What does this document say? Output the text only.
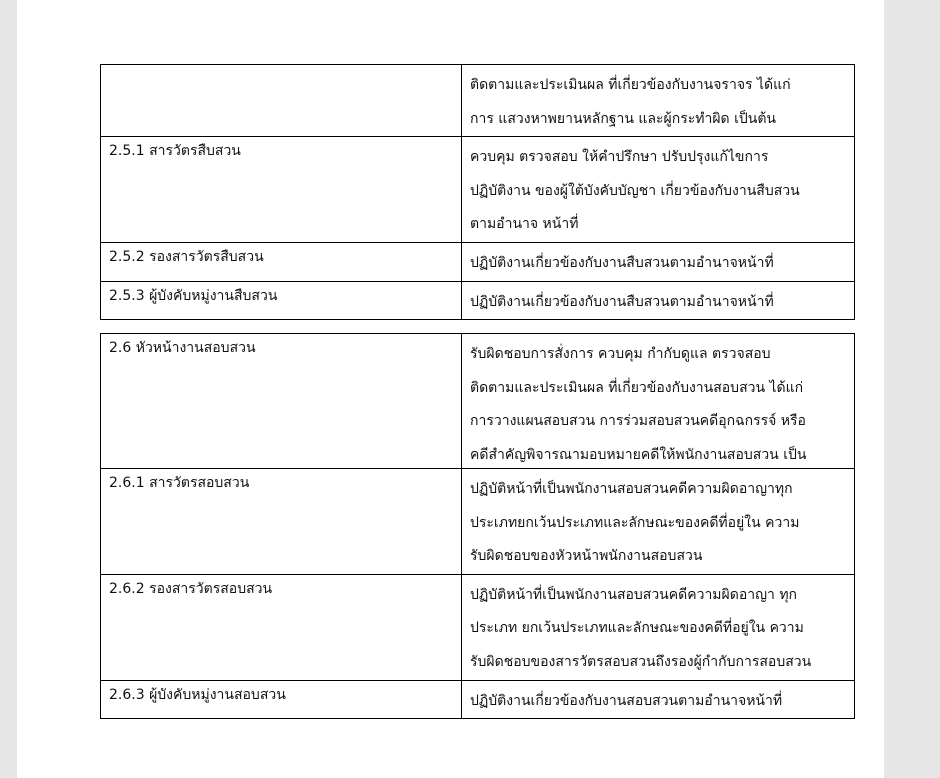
	ติดตามและประเมินผล ที่เกี่ยวข้องกับงานจราจร ได้แก่
การ แสวงหาพยานหลักฐาน และผู้กระทำผิด เป็นต้น

2.5.1 สารวัตรสืบสวน	ควบคุม ตรวจสอบ ให้คำปรึกษา ปรับปรุงแก้ไขการ
ปฏิบัติงาน ของผู้ใต้บังคับบัญชา เกี่ยวข้องกับงานสืบสวน
ตามอำนาจ หน้าที่

2.5.2 รองสารวัตรสืบสวน	ปฏิบัติงานเกี่ยวข้องกับงานสืบสวนตามอำนาจหน้าที่

2.5.3 ผู้บังคับหมู่งานสืบสวน	ปฏิบัติงานเกี่ยวข้องกับงานสืบสวนตามอำนาจหน้าที่
2.6 หัวหน้างานสอบสวน	รับผิดชอบการสั่งการ ควบคุม กำกับดูแล ตรวจสอบ
ติดตามและประเมินผล ที่เกี่ยวข้องกับงานสอบสวน ได้แก่
การวางแผนสอบสวน การร่วมสอบสวนคดีอุกฉกรรจ์ หรือ
คดีสำคัญพิจารณามอบหมายคดีให้พนักงานสอบสวน เป็น

2.6.1 สารวัตรสอบสวน	ปฏิบัติหน้าที่เป็นพนักงานสอบสวนคดีความผิดอาญาทุก
ประเภทยกเว้นประเภทและลักษณะของคดีที่อยู่ใน ความ
รับผิดชอบของหัวหน้าพนักงานสอบสวน

2.6.2 รองสารวัตรสอบสวน	ปฏิบัติหน้าที่เป็นพนักงานสอบสวนคดีความผิดอาญา ทุก
ประเภท ยกเว้นประเภทและลักษณะของคดีที่อยู่ใน ความ
รับผิดชอบของสารวัตรสอบสวนถึงรองผู้กำกับการสอบสวน

2.6.3 ผู้บังคับหมู่งานสอบสวน	ปฏิบัติงานเกี่ยวข้องกับงานสอบสวนตามอำนาจหน้าที่
